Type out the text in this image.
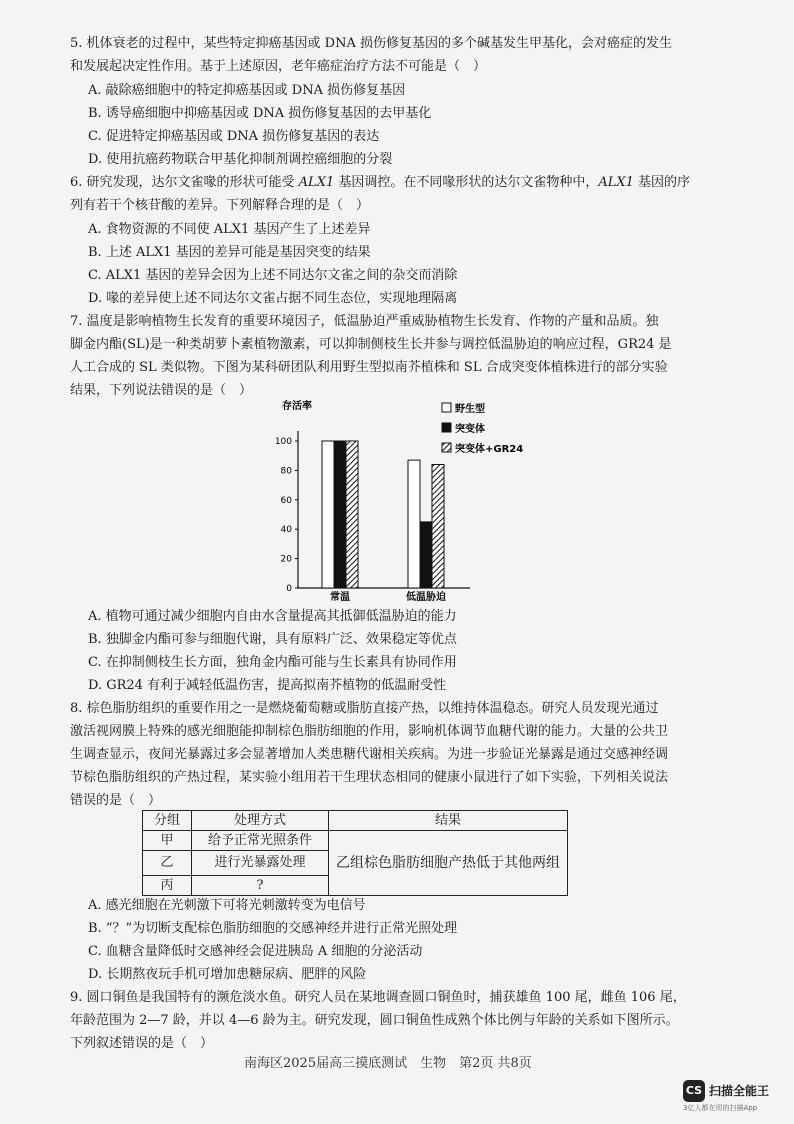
5. 机体衰老的过程中，某些特定抑癌基因或 DNA 损伤修复基因的多个碱基发生甲基化，会对癌症的发生
和发展起决定性作用。基于上述原因，老年癌症治疗方法不可能是（　）
A. 敲除癌细胞中的特定抑癌基因或 DNA 损伤修复基因
B. 诱导癌细胞中抑癌基因或 DNA 损伤修复基因的去甲基化
C. 促进特定抑癌基因或 DNA 损伤修复基因的表达
D. 使用抗癌药物联合甲基化抑制剂调控癌细胞的分裂
6. 研究发现，达尔文雀喙的形状可能受 ALX1 基因调控。在不同喙形状的达尔文雀物种中，ALX1 基因的序
列有若干个核苷酸的差异。下列解释合理的是（　）
A. 食物资源的不同使 ALX1 基因产生了上述差异
B. 上述 ALX1 基因的差异可能是基因突变的结果
C. ALX1 基因的差异会因为上述不同达尔文雀之间的杂交而消除
D. 喙的差异使上述不同达尔文雀占据不同生态位，实现地理隔离
7. 温度是影响植物生长发育的重要环境因子，低温胁迫严重威胁植物生长发育、作物的产量和品质。独
脚金内酯(SL)是一种类胡萝卜素植物激素，可以抑制侧枝生长并参与调控低温胁迫的响应过程，GR24 是
人工合成的 SL 类似物。下图为某科研团队利用野生型拟南芥植株和 SL 合成突变体植株进行的部分实验
结果，下列说法错误的是（　）
存活率
0
20
40
60
80
100
常温	低温胁迫
野生型
突变体
突变体+GR24
A. 植物可通过减少细胞内自由水含量提高其抵御低温胁迫的能力
B. 独脚金内酯可参与细胞代谢，具有原料广泛、效果稳定等优点
C. 在抑制侧枝生长方面，独角金内酯可能与生长素具有协同作用
D. GR24 有利于减轻低温伤害，提高拟南芥植物的低温耐受性
8. 棕色脂肪组织的重要作用之一是燃烧葡萄糖或脂肪直接产热，以维持体温稳态。研究人员发现光通过
激活视网膜上特殊的感光细胞能抑制棕色脂肪细胞的作用，影响机体调节血糖代谢的能力。大量的公共卫
生调查显示，夜间光暴露过多会显著增加人类患糖代谢相关疾病。为进一步验证光暴露是通过交感神经调
节棕色脂肪组织的产热过程，某实验小组用若干生理状态相同的健康小鼠进行了如下实验，下列相关说法
错误的是（　）
分组	处理方式	结果
甲	给予正常光照条件	乙组棕色脂肪细胞产热低于其他两组
乙	进行光暴露处理	
丙	?	
A. 感光细胞在光刺激下可将光刺激转变为电信号
B. “？”为切断支配棕色脂肪细胞的交感神经并进行正常光照处理
C. 血糖含量降低时交感神经会促进胰岛 A 细胞的分泌活动
D. 长期熬夜玩手机可增加患糖尿病、肥胖的风险
9. 圆口铜鱼是我国特有的濒危淡水鱼。研究人员在某地调查圆口铜鱼时，捕获雄鱼 100 尾，雌鱼 106 尾，
年龄范围为 2—7 龄，并以 4—6 龄为主。研究发现，圆口铜鱼性成熟个体比例与年龄的关系如下图所示。
下列叙述错误的是（　）
南海区2025届高三摸底测试　生物　第2页 共8页
CS 扫描全能王
3亿人都在用的扫描App
